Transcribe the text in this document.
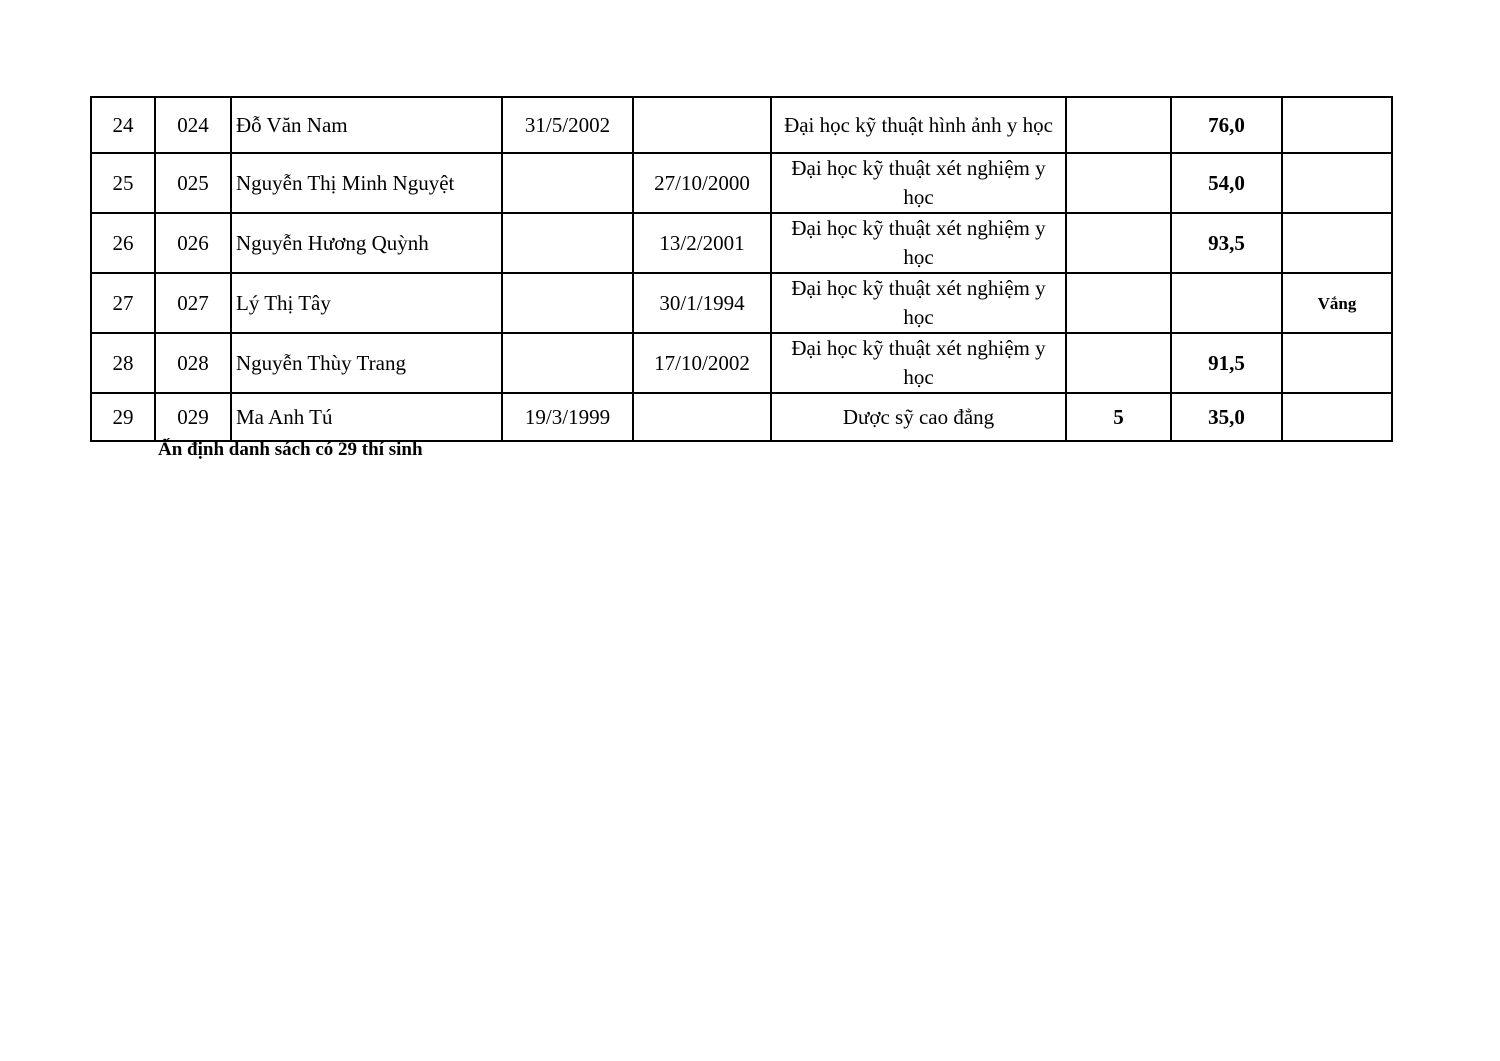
24	024	Đỗ Văn Nam	31/5/2002		Đại học kỹ thuật hình ảnh y học		76,0	
25	025	Nguyễn Thị Minh Nguyệt		27/10/2000	Đại học kỹ thuật xét nghiệm y học		54,0	
26	026	Nguyễn Hương Quỳnh		13/2/2001	Đại học kỹ thuật xét nghiệm y học		93,5	
27	027	Lý Thị Tây		30/1/1994	Đại học kỹ thuật xét nghiệm y học			Vắng
28	028	Nguyễn Thùy Trang		17/10/2002	Đại học kỹ thuật xét nghiệm y học		91,5	
29	029	Ma Anh Tú	19/3/1999		Dược sỹ cao đẳng	5	35,0	
Ấn định danh sách có 29 thí sinh
